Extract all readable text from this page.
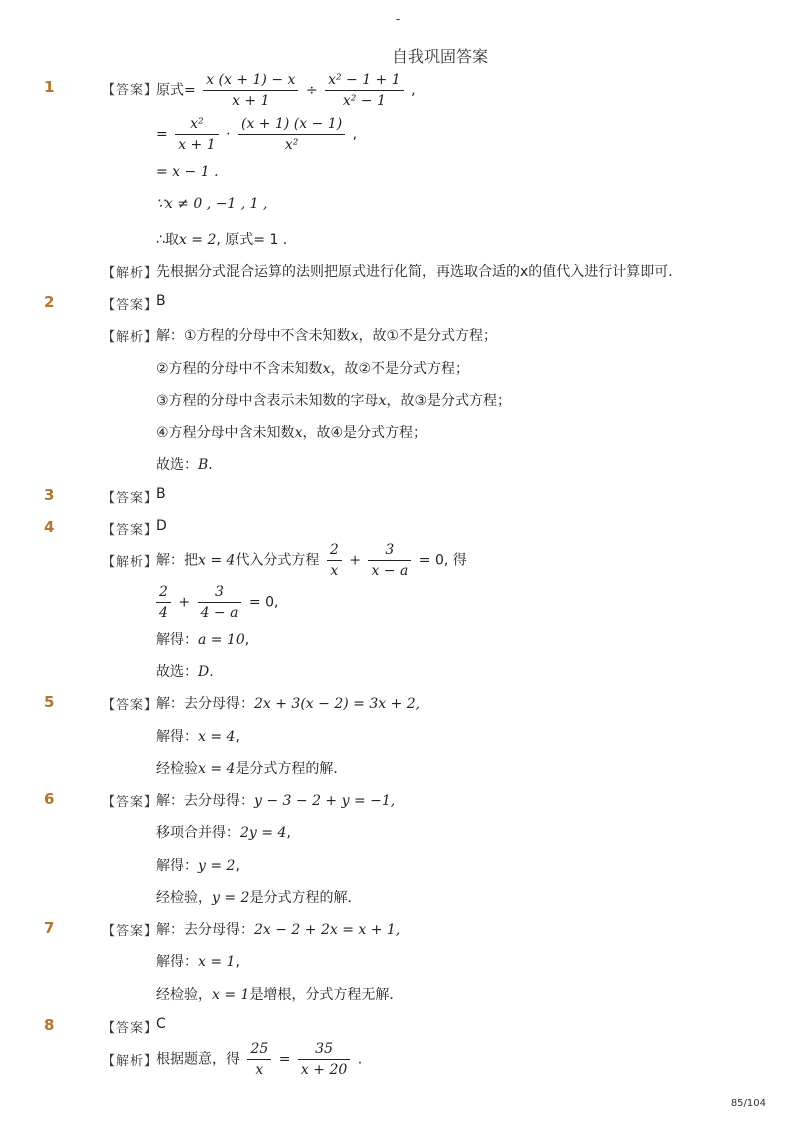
-
自我巩固答案
1	【答案】
原式= $\frac{x (x + 1) - x}{x + 1} \div \frac{\text{x² − 1 + 1}}{\text{x² − 1}}$ ,
= $\frac{\text{x²}}{x + 1} \cdot \frac{(x + 1) (x - 1)}{\text{x²}}$ ,
= x − 1 .
∵x ≠ 0 , −1 , 1 ,
∴取x = 2, 原式= 1 .
【解析】
先根据分式混合运算的法则把原式进行化简，再选取合适的x的值代入进行计算即可．
2	【答案】
B
【解析】
解：①方程的分母中不含未知数x，故①不是分式方程；
②方程的分母中不含未知数x，故②不是分式方程；
③方程的分母中含表示未知数的字母x，故③是分式方程；
④方程分母中含未知数x，故④是分式方程；
故选：B.
3	【答案】
B
4	【答案】
D
【解析】
解：把x = 4代入分式方程 $\frac{2}{x} + \frac{3}{x - a} = 0$, 得
$\frac{2}{4} + \frac{3}{4 - a} = 0$,
解得：a = 10,
故选：D.
5	【答案】
解：去分母得：2x + 3(x − 2) = 3x + 2,
解得：x = 4,
经检验x = 4是分式方程的解．
6	【答案】
解：去分母得：y − 3 − 2 + y = −1,
移项合并得：2y = 4,
解得：y = 2,
经检验，y = 2是分式方程的解．
7	【答案】
解：去分母得：2x − 2 + 2x = x + 1,
解得：x = 1,
经检验，x = 1是增根，分式方程无解．
8	【答案】
C
【解析】
根据题意，得 $\frac{25}{x} = \frac{35}{x + 20}$ .
85/104
